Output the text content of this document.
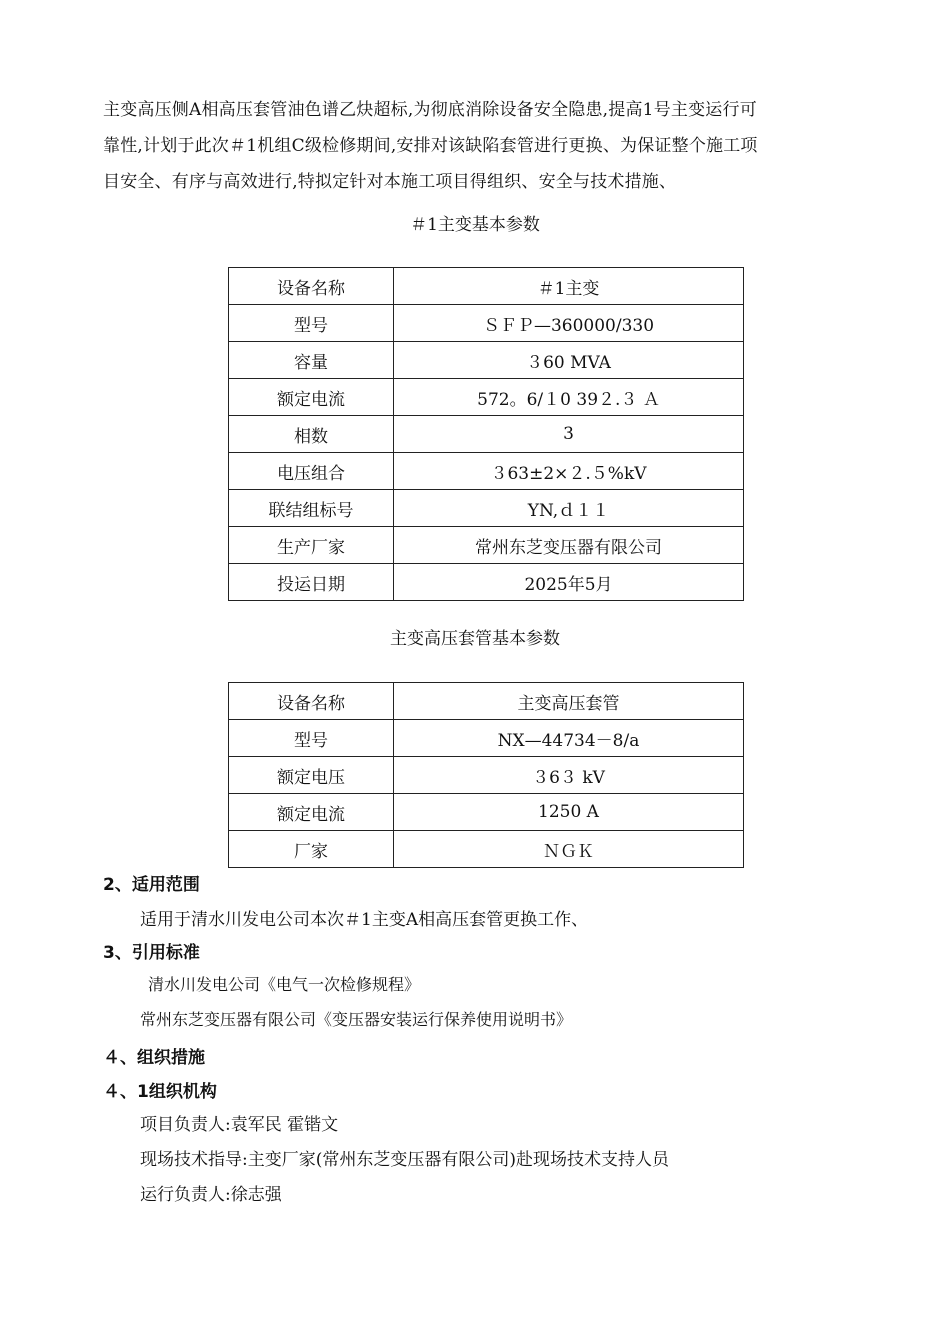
主变高压侧A相高压套管油色谱乙炔超标,为彻底消除设备安全隐患,提高1号主变运行可

靠性,计划于此次＃1机组C级检修期间,安排对该缺陷套管进行更换、为保证整个施工项

目安全、有序与高效进行,特拟定针对本施工项目得组织、安全与技术措施、

＃1主变基本参数

设备名称	＃1主变
型号	ＳＦＰ—360000/330
容量	３60 MVA
额定电流	572。6/１0 39２.３ Ａ
相数	3
电压组合	３63±2×２.５%kV
联结组标号	YN,ｄ１１
生产厂家	常州东芝变压器有限公司
投运日期	2025年5月

主变高压套管基本参数

设备名称	主变高压套管
型号	NX—44734－8/a
额定电压	３6３ kV
额定电流	1250 A
厂家	ＮＧＫ

2、适用范围

适用于清水川发电公司本次＃1主变A相高压套管更换工作、

3、引用标准

清水川发电公司《电气一次检修规程》

常州东芝变压器有限公司《变压器安装运行保养使用说明书》

４、组织措施

４、1组织机构

项目负责人:袁军民 霍锴文

现场技术指导:主变厂家(常州东芝变压器有限公司)赴现场技术支持人员

运行负责人:徐志强
